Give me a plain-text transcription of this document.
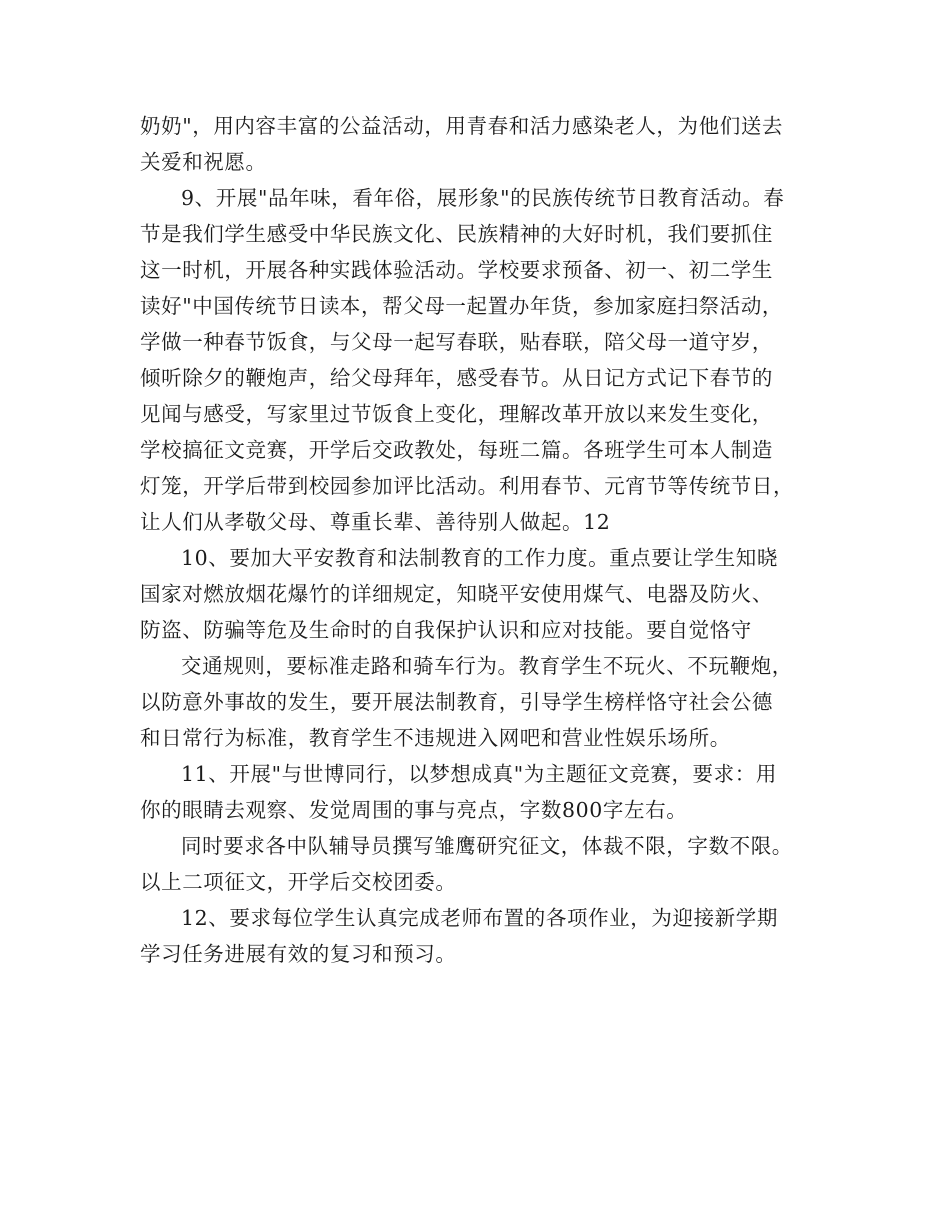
奶奶"，用内容丰富的公益活动，用青春和活力感染老人，为他们送去
关爱和祝愿。

9、开展"品年味，看年俗，展形象"的民族传统节日教育活动。春
节是我们学生感受中华民族文化、民族精神的大好时机，我们要抓住
这一时机，开展各种实践体验活动。学校要求预备、初一、初二学生
读好"中国传统节日读本，帮父母一起置办年货，参加家庭扫祭活动，
学做一种春节饭食，与父母一起写春联，贴春联，陪父母一道守岁，
倾听除夕的鞭炮声，给父母拜年，感受春节。从日记方式记下春节的
见闻与感受，写家里过节饭食上变化，理解改革开放以来发生变化，
学校搞征文竞赛，开学后交政教处，每班二篇。各班学生可本人制造
灯笼，开学后带到校园参加评比活动。利用春节、元宵节等传统节日，
让人们从孝敬父母、尊重长辈、善待别人做起。12

10、要加大平安教育和法制教育的工作力度。重点要让学生知晓
国家对燃放烟花爆竹的详细规定，知晓平安使用煤气、电器及防火、
防盗、防骗等危及生命时的自我保护认识和应对技能。要自觉恪守

交通规则，要标准走路和骑车行为。教育学生不玩火、不玩鞭炮，
以防意外事故的发生，要开展法制教育，引导学生榜样恪守社会公德
和日常行为标准，教育学生不违规进入网吧和营业性娱乐场所。

11、开展"与世博同行，以梦想成真"为主题征文竞赛，要求：用
你的眼睛去观察、发觉周围的事与亮点，字数800字左右。

同时要求各中队辅导员撰写雏鹰研究征文，体裁不限，字数不限。
以上二项征文，开学后交校团委。

12、要求每位学生认真完成老师布置的各项作业，为迎接新学期
学习任务进展有效的复习和预习。
